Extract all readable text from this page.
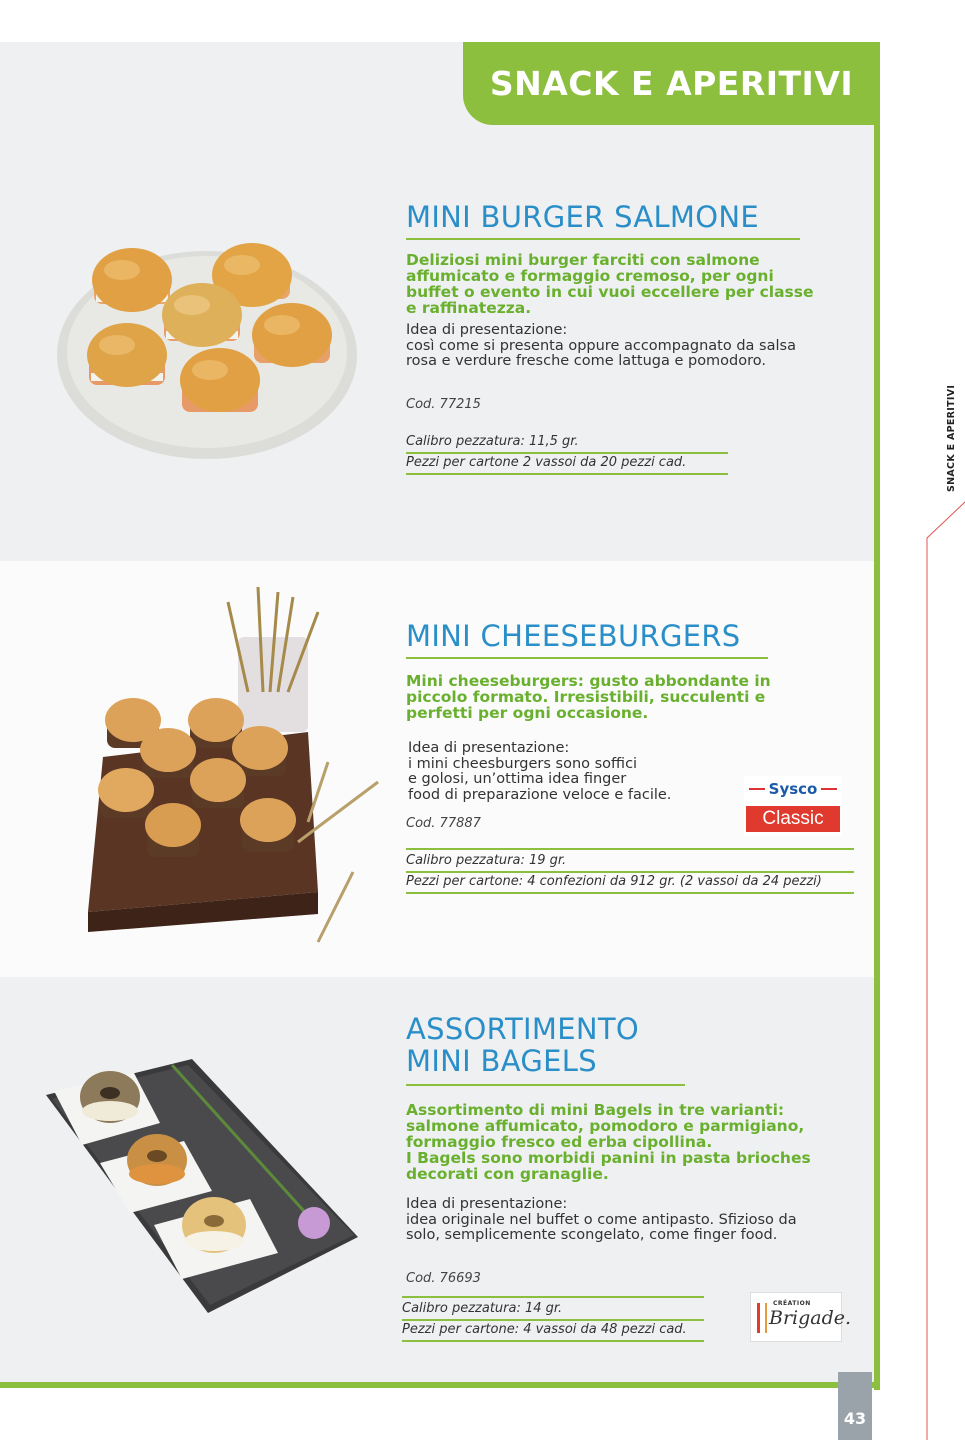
SNACK E APERITIVI
SNACK E APERITIVI
43
MINI BURGER SALMONE
Deliziosi mini burger farciti con salmone
affumicato e formaggio cremoso, per ogni
buffet o evento in cui vuoi eccellere per classe
e raffinatezza.
Idea di presentazione:
così come si presenta oppure accompagnato da salsa
rosa e verdure fresche come lattuga e pomodoro.
Cod. 77215
Calibro pezzatura: 11,5 gr.
Pezzi per cartone 2 vassoi da 20 pezzi cad.
MINI CHEESEBURGERS
Mini cheeseburgers: gusto abbondante in
piccolo formato. Irresistibili, succulenti e
perfetti per ogni occasione.
Idea di presentazione:
i mini cheesburgers sono soffici
e golosi, un’ottima idea finger
food di preparazione veloce e facile.	Sysco
Classic
Cod. 77887
Calibro pezzatura: 19 gr.
Pezzi per cartone: 4 confezioni da 912 gr. (2 vassoi da 24 pezzi)
ASSORTIMENTO
MINI BAGELS
Assortimento di mini Bagels in tre varianti:
salmone affumicato, pomodoro e parmigiano,
formaggio fresco ed erba cipollina.
I Bagels sono morbidi panini in pasta brioches
decorati con granaglie.
Idea di presentazione:
idea originale nel buffet o come antipasto. Sfizioso da
solo, semplicemente scongelato, come finger food.
Cod. 76693
Calibro pezzatura: 14 gr.
Pezzi per cartone: 4 vassoi da 48 pezzi cad.
CRÉATION
Brigade.
